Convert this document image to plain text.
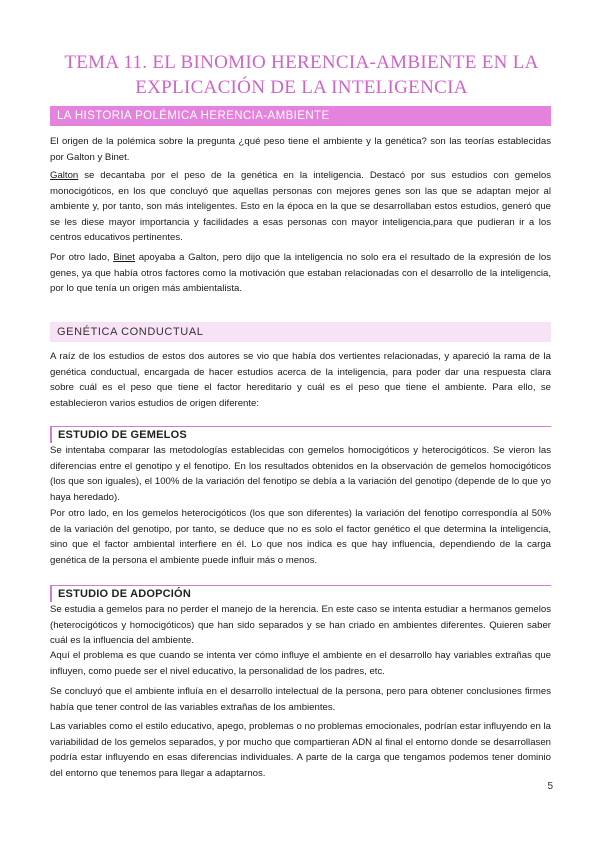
TEMA 11. EL BINOMIO HERENCIA-AMBIENTE EN LA
EXPLICACIÓN DE LA INTELIGENCIA
LA HISTORIA POLÉMICA HERENCIA-AMBIENTE

El origen de la polémica sobre la pregunta ¿qué peso tiene el ambiente y la genética? son las teorías establecidas por Galton y Binet.

Galton se decantaba por el peso de la genética en la inteligencia. Destacó por sus estudios con gemelos monocigóticos, en los que concluyó que aquellas personas con mejores genes son las que se adaptan mejor al ambiente y, por tanto, son más inteligentes. Esto en la época en la que se desarrollaban estos estudios, generó que se les diese mayor importancia y facilidades a esas personas con mayor inteligencia,para que pudieran ir a los centros educativos pertinentes.

Por otro lado, Binet apoyaba a Galton, pero dijo que la inteligencia no solo era el resultado de la expresión de los genes, ya que había otros factores como la motivación que estaban relacionadas con el desarrollo de la inteligencia, por lo que tenía un origen más ambientalista.

GENÉTICA CONDUCTUAL

A raíz de los estudios de estos dos autores se vio que había dos vertientes relacionadas, y apareció la rama de la genética conductual, encargada de hacer estudios acerca de la inteligencia, para poder dar una respuesta clara sobre cuál es el peso que tiene el factor hereditario y cuál es el peso que tiene el ambiente. Para ello, se establecieron varios estudios de origen diferente:

ESTUDIO DE GEMELOS

Se intentaba comparar las metodologías establecidas con gemelos homocigóticos y heterocigóticos. Se vieron las diferencias entre el genotipo y el fenotipo. En los resultados obtenidos en la observación de gemelos homocigóticos (los que son iguales), el 100% de la variación del fenotipo se debía a la variación del genotipo (depende de lo que yo haya heredado).

Por otro lado, en los gemelos heterocigóticos (los que son diferentes) la variación del fenotipo correspondía al 50% de la variación del genotipo, por tanto, se deduce que no es solo el factor genético el que determina la inteligencia, sino que el factor ambiental interfiere en él. Lo que nos indica es que hay influencia, dependiendo de la carga genética de la persona el ambiente puede influir más o menos.

ESTUDIO DE ADOPCIÓN

Se estudia a gemelos para no perder el manejo de la herencia. En este caso se intenta estudiar a hermanos gemelos (heterocigóticos y homocigóticos) que han sido separados y se han criado en ambientes diferentes. Quieren saber cuál es la influencia del ambiente.

Aquí el problema es que cuando se intenta ver cómo influye el ambiente en el desarrollo hay variables extrañas que influyen, como puede ser el nivel educativo, la personalidad de los padres, etc.

Se concluyó que el ambiente influía en el desarrollo intelectual de la persona, pero para obtener conclusiones firmes había que tener control de las variables extrañas de los ambientes.

Las variables como el estilo educativo, apego, problemas o no problemas emocionales, podrían estar influyendo en la variabilidad de los gemelos separados, y por mucho que compartieran ADN al final el entorno donde se desarrollasen podría estar influyendo en esas diferencias individuales. A parte de la carga que tengamos podemos tener dominio del entorno que tenemos para llegar a adaptarnos.

5
